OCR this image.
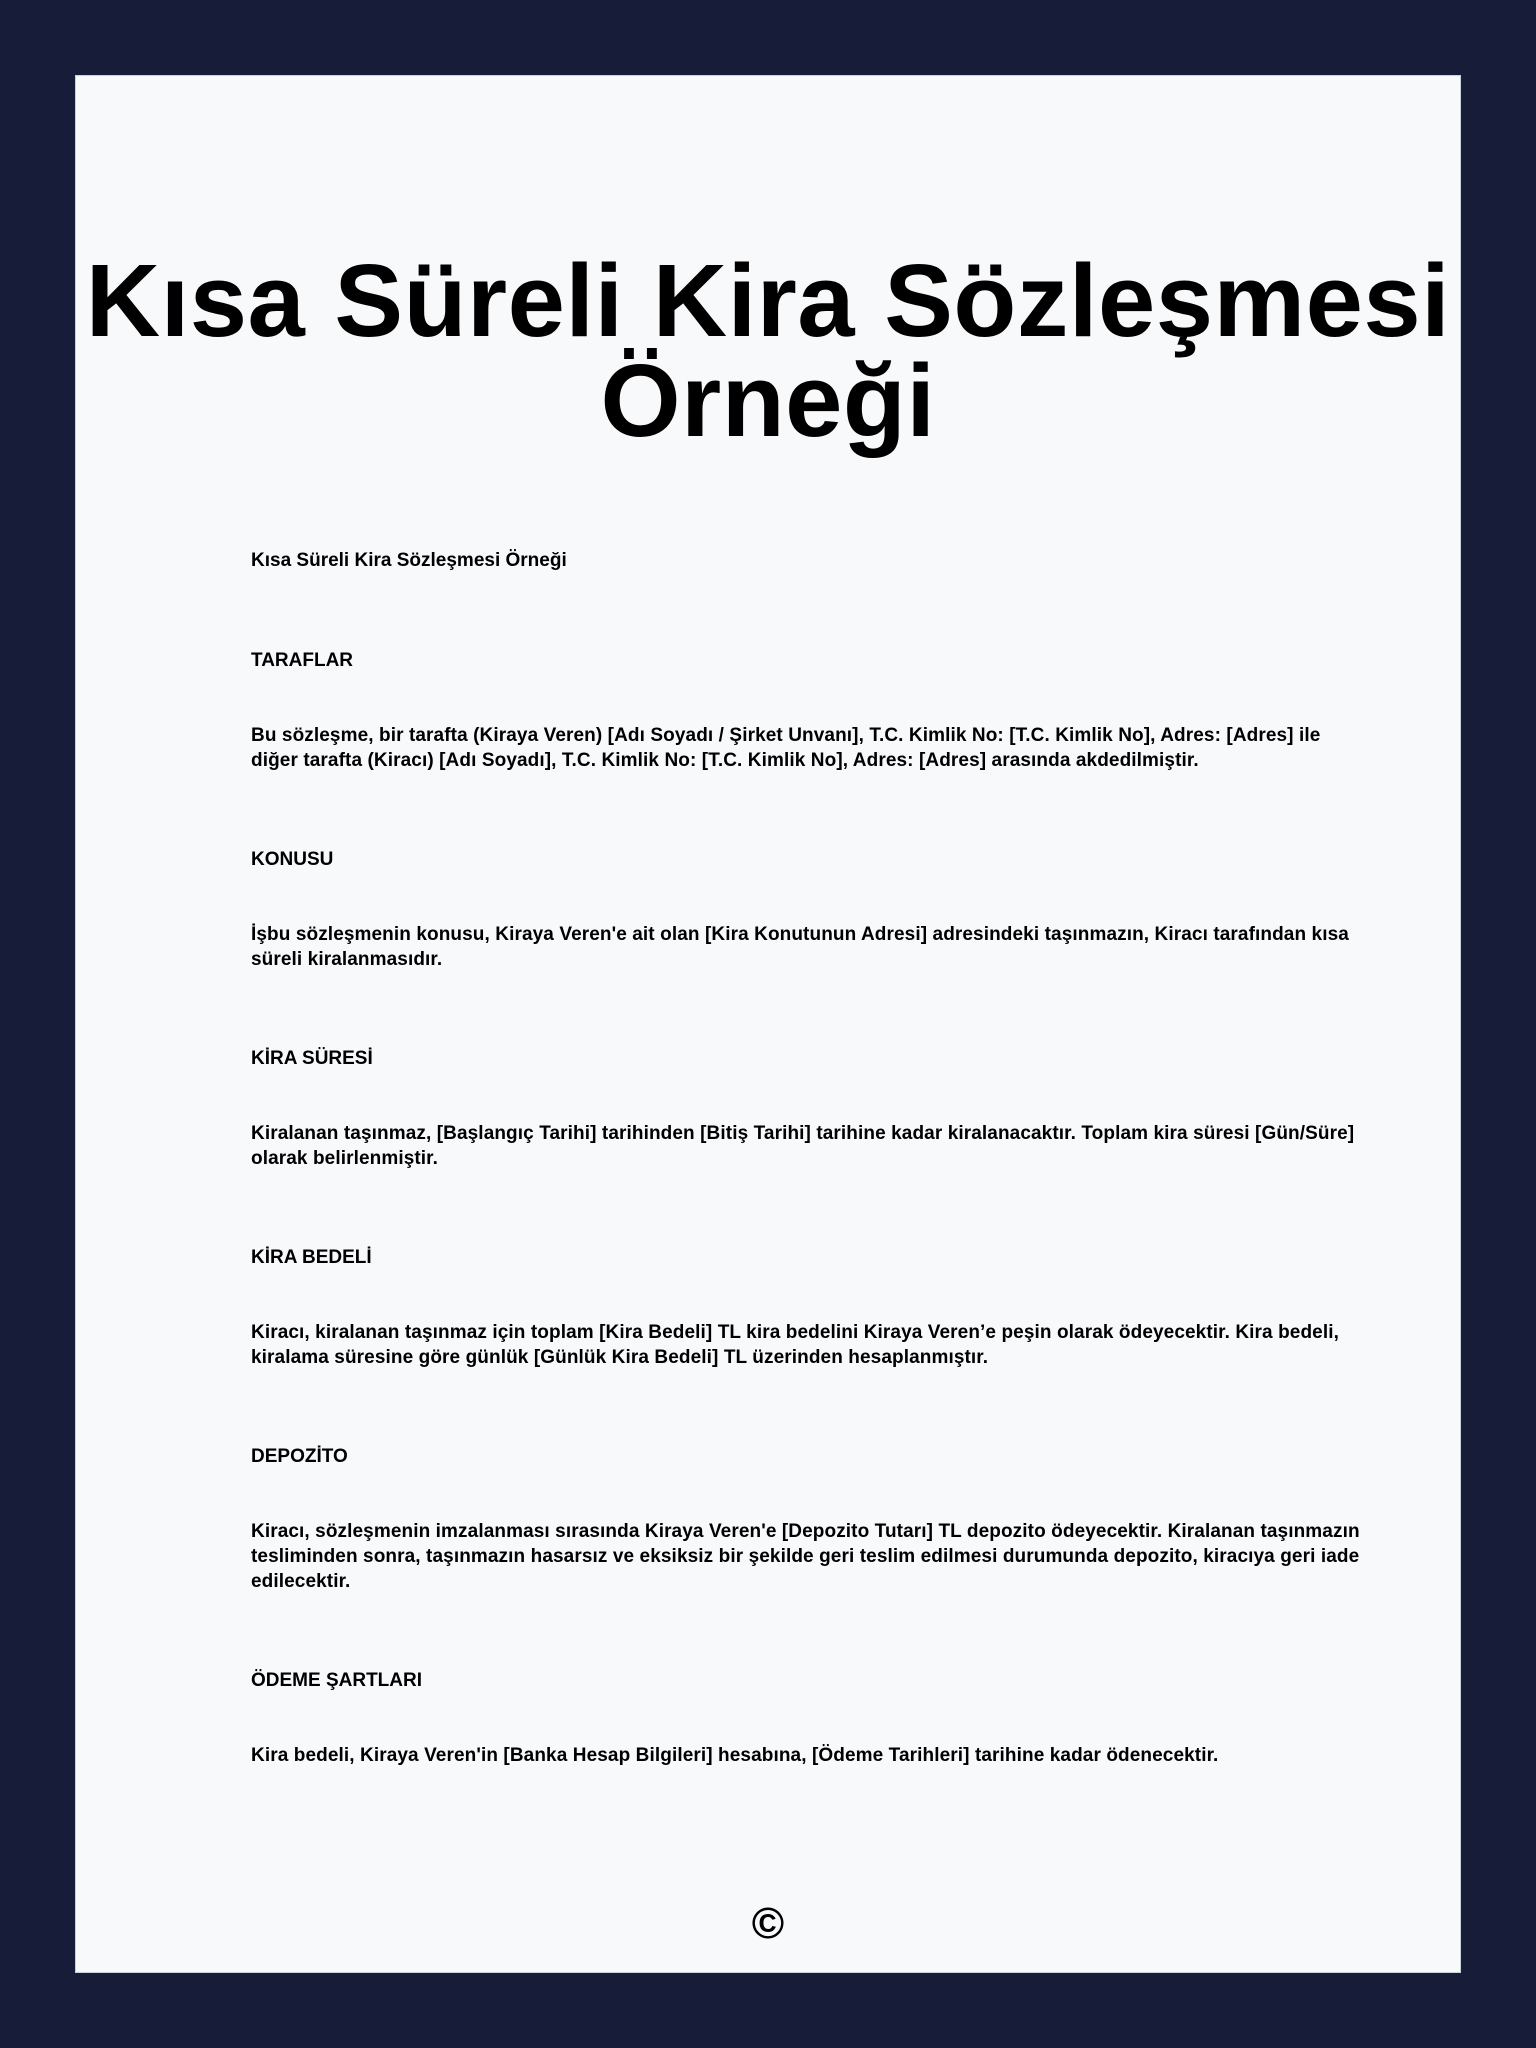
Kısa Süreli Kira Sözleşmesi Örneği

Kısa Süreli Kira Sözleşmesi Örneği

TARAFLAR

Bu sözleşme, bir tarafta (Kiraya Veren) [Adı Soyadı / Şirket Unvanı], T.C. Kimlik No: [T.C. Kimlik No], Adres: [Adres] ile diğer tarafta (Kiracı) [Adı Soyadı], T.C. Kimlik No: [T.C. Kimlik No], Adres: [Adres] arasında akdedilmiştir.

KONUSU

İşbu sözleşmenin konusu, Kiraya Veren'e ait olan [Kira Konutunun Adresi] adresindeki taşınmazın, Kiracı tarafından kısa süreli kiralanmasıdır.

KİRA SÜRESİ

Kiralanan taşınmaz, [Başlangıç Tarihi] tarihinden [Bitiş Tarihi] tarihine kadar kiralanacaktır. Toplam kira süresi [Gün/Süre] olarak belirlenmiştir.

KİRA BEDELİ

Kiracı, kiralanan taşınmaz için toplam [Kira Bedeli] TL kira bedelini Kiraya Veren’e peşin olarak ödeyecektir. Kira bedeli, kiralama süresine göre günlük [Günlük Kira Bedeli] TL üzerinden hesaplanmıştır.

DEPOZİTO

Kiracı, sözleşmenin imzalanması sırasında Kiraya Veren'e [Depozito Tutarı] TL depozito ödeyecektir. Kiralanan taşınmazın tesliminden sonra, taşınmazın hasarsız ve eksiksiz bir şekilde geri teslim edilmesi durumunda depozito, kiracıya geri iade edilecektir.

ÖDEME ŞARTLARI

Kira bedeli, Kiraya Veren'in [Banka Hesap Bilgileri] hesabına, [Ödeme Tarihleri] tarihine kadar ödenecektir.

©
